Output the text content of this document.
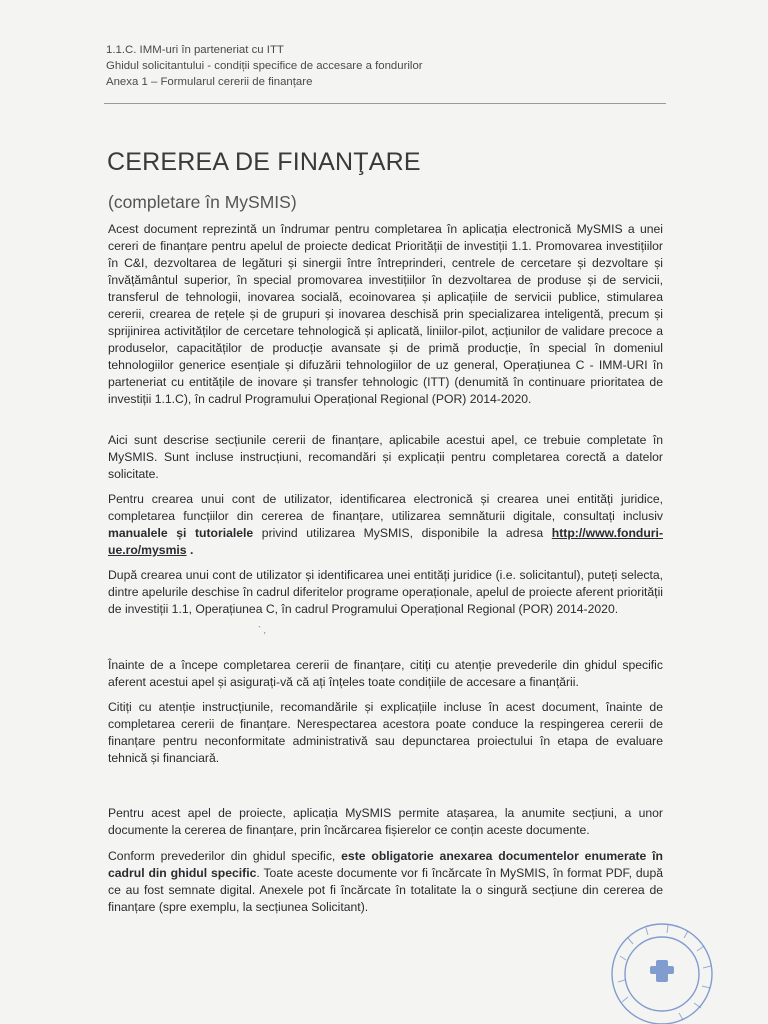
1.1.C. IMM-uri în parteneriat cu ITT
Ghidul solicitantului - condiții specifice de accesare a fondurilor
Anexa 1 – Formularul cererii de finanțare
CEREREA DE FINANŢARE
(completare în MySMIS)
Acest document reprezintă un îndrumar pentru completarea în aplicația electronică MySMIS a unei cereri de finanțare pentru apelul de proiecte dedicat Priorității de investiții 1.1. Promovarea investițiilor în C&I, dezvoltarea de legături și sinergii între întreprinderi, centrele de cercetare și dezvoltare și învățământul superior, în special promovarea investițiilor în dezvoltarea de produse și de servicii, transferul de tehnologii, inovarea socială, ecoinovarea și aplicațiile de servicii publice, stimularea cererii, crearea de rețele și de grupuri și inovarea deschisă prin specializarea inteligentă, precum și sprijinirea activităților de cercetare tehnologică și aplicată, liniilor-pilot, acțiunilor de validare precoce a produselor, capacităților de producție avansate și de primă producție, în special în domeniul tehnologiilor generice esențiale și difuzării tehnologiilor de uz general, Operațiunea C - IMM-URI în parteneriat cu entitățile de inovare și transfer tehnologic (ITT) (denumită în continuare prioritatea de investiții 1.1.C), în cadrul Programului Operațional Regional (POR) 2014-2020.
Aici sunt descrise secțiunile cererii de finanțare, aplicabile acestui apel, ce trebuie completate în MySMIS. Sunt incluse instrucțiuni, recomandări și explicații pentru completarea corectă a datelor solicitate.
Pentru crearea unui cont de utilizator, identificarea electronică și crearea unei entități juridice, completarea funcțiilor din cererea de finanțare, utilizarea semnăturii digitale, consultați inclusiv manualele și tutorialele privind utilizarea MySMIS, disponibile la adresa http://www.fonduri-ue.ro/mysmis .
După crearea unui cont de utilizator și identificarea unei entități juridice (i.e. solicitantul), puteți selecta, dintre apelurile deschise în cadrul diferitelor programe operaționale, apelul de proiecte aferent priorității de investiții 1.1, Operațiunea C, în cadrul Programului Operațional Regional (POR) 2014-2020.
` ,
Înainte de a începe completarea cererii de finanțare, citiți cu atenție prevederile din ghidul specific aferent acestui apel și asigurați-vă că ați înțeles toate condițiile de accesare a finanțării.
Citiți cu atenție instrucțiunile, recomandările și explicațiile incluse în acest document, înainte de completarea cererii de finanțare. Nerespectarea acestora poate conduce la respingerea cererii de finanțare pentru neconformitate administrativă sau depunctarea proiectului în etapa de evaluare tehnică și financiară.
Pentru acest apel de proiecte, aplicația MySMIS permite atașarea, la anumite secțiuni, a unor documente la cererea de finanțare, prin încărcarea fișierelor ce conțin aceste documente.
Conform prevederilor din ghidul specific, este obligatorie anexarea documentelor enumerate în cadrul din ghidul specific. Toate aceste documente vor fi încărcate în MySMIS, în format PDF, după ce au fost semnate digital. Anexele pot fi încărcate în totalitate la o singură secțiune din cererea de finanțare (spre exemplu, la secțiunea Solicitant).
